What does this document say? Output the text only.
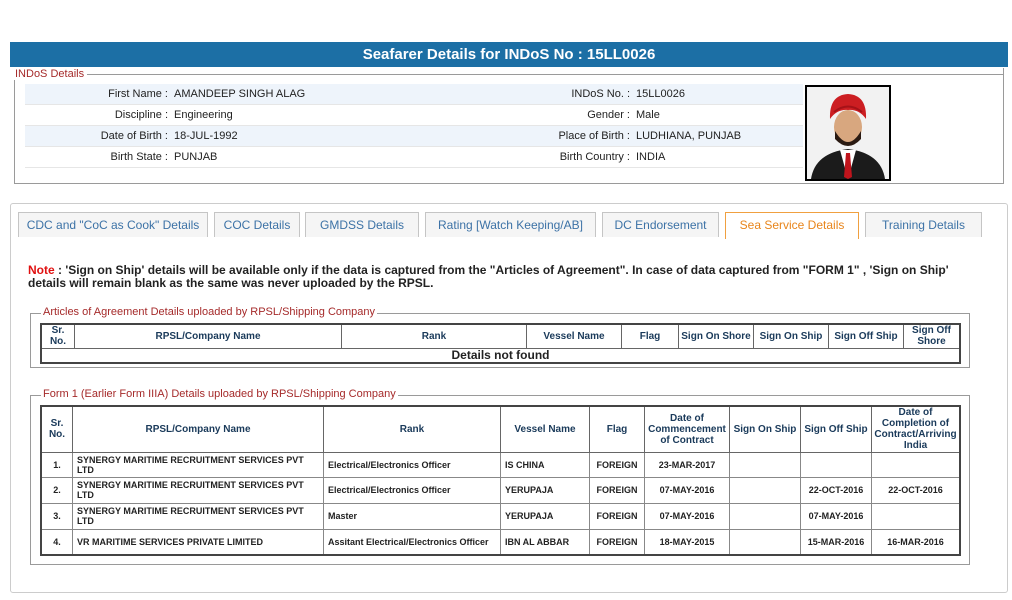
Seafarer Details for INDoS No : 15LL0026
INDoS Details
First Name :	AMANDEEP SINGH ALAG	INDoS No. :	15LL0026
Discipline :	Engineering	Gender :	Male
Date of Birth :	18-JUL-1992	Place of Birth :	LUDHIANA, PUNJAB
Birth State :	PUNJAB	Birth Country :	INDIA
CDC and "CoC as Cook" Details	COC Details	GMDSS Details	Rating [Watch Keeping/AB]	DC Endorsement	Sea Service Details	Training Details
Note : 'Sign on Ship' details will be available only if the data is captured from the "Articles of Agreement". In case of data captured from "FORM 1" , 'Sign on Ship' details will remain blank as the same was never uploaded by the RPSL.
Articles of Agreement Details uploaded by RPSL/Shipping Company
Sr. No.	RPSL/Company Name	Rank	Vessel Name	Flag	Sign On Shore	Sign On Ship	Sign Off Ship	Sign Off Shore
Details not found
Form 1 (Earlier Form IIIA) Details uploaded by RPSL/Shipping Company
Sr. No.	RPSL/Company Name	Rank	Vessel Name	Flag	Date of Commencement of Contract	Sign On Ship	Sign Off Ship	Date of Completion of Contract/Arriving India
1.	SYNERGY MARITIME RECRUITMENT SERVICES PVT LTD	Electrical/Electronics Officer	IS CHINA	FOREIGN	23-MAR-2017			
2.	SYNERGY MARITIME RECRUITMENT SERVICES PVT LTD	Electrical/Electronics Officer	YERUPAJA	FOREIGN	07-MAY-2016		22-OCT-2016	22-OCT-2016
3.	SYNERGY MARITIME RECRUITMENT SERVICES PVT LTD	Master	YERUPAJA	FOREIGN	07-MAY-2016		07-MAY-2016	
4.	VR MARITIME SERVICES PRIVATE LIMITED	Assitant Electrical/Electronics Officer	IBN AL ABBAR	FOREIGN	18-MAY-2015		15-MAR-2016	16-MAR-2016
